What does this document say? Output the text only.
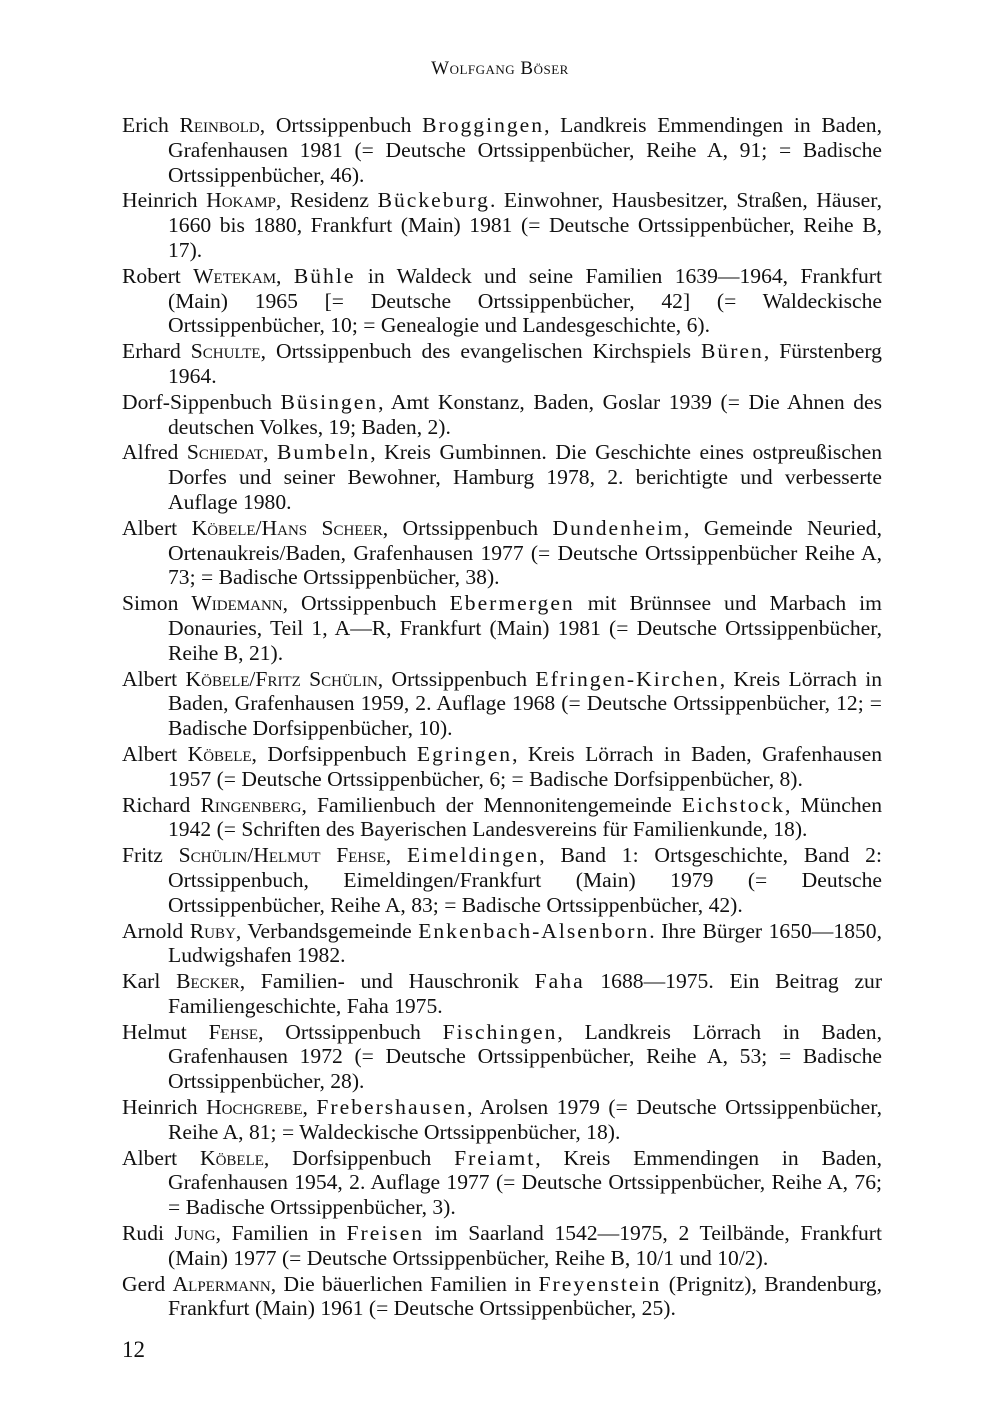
Wolfgang Böser

Erich Reinbold, Ortssippenbuch Broggingen, Landkreis Emmendingen in Baden, Grafenhausen 1981 (= Deutsche Ortssippenbücher, Reihe A, 91; = Badische Ortssippenbücher, 46).

Heinrich Hokamp, Residenz Bückeburg. Einwohner, Hausbesitzer, Straßen, Häuser, 1660 bis 1880, Frankfurt (Main) 1981 (= Deutsche Ortssippenbücher, Reihe B, 17).

Robert Wetekam, Bühle in Waldeck und seine Familien 1639—1964, Frankfurt (Main) 1965 [= Deutsche Ortssippenbücher, 42] (= Waldeckische Ortssippenbücher, 10; = Genealogie und Landesgeschichte, 6).

Erhard Schulte, Ortssippenbuch des evangelischen Kirchspiels Büren, Fürstenberg 1964.

Dorf-Sippenbuch Büsingen, Amt Konstanz, Baden, Goslar 1939 (= Die Ahnen des deutschen Volkes, 19; Baden, 2).

Alfred Schiedat, Bumbeln, Kreis Gumbinnen. Die Geschichte eines ostpreußischen Dorfes und seiner Bewohner, Hamburg 1978, 2. berichtigte und verbesserte Auflage 1980.

Albert Köbele/Hans Scheer, Ortssippenbuch Dundenheim, Gemeinde Neuried, Ortenaukreis/Baden, Grafenhausen 1977 (= Deutsche Ortssippenbücher Reihe A, 73; = Badische Ortssippenbücher, 38).

Simon Widemann, Ortssippenbuch Ebermergen mit Brünnsee und Marbach im Donauries, Teil 1, A—R, Frankfurt (Main) 1981 (= Deutsche Ortssippenbücher, Reihe B, 21).

Albert Köbele/Fritz Schülin, Ortssippenbuch Efringen-Kirchen, Kreis Lörrach in Baden, Grafenhausen 1959, 2. Auflage 1968 (= Deutsche Ortssippenbücher, 12; = Badische Dorfsippenbücher, 10).

Albert Köbele, Dorfsippenbuch Egringen, Kreis Lörrach in Baden, Grafenhausen 1957 (= Deutsche Ortssippenbücher, 6; = Badische Dorfsippenbücher, 8).

Richard Ringenberg, Familienbuch der Mennonitengemeinde Eichstock, München 1942 (= Schriften des Bayerischen Landesvereins für Familienkunde, 18).

Fritz Schülin/Helmut Fehse, Eimeldingen, Band 1: Ortsgeschichte, Band 2: Ortssippenbuch, Eimeldingen/Frankfurt (Main) 1979 (= Deutsche Ortssippenbücher, Reihe A, 83; = Badische Ortssippenbücher, 42).

Arnold Ruby, Verbandsgemeinde Enkenbach-Alsenborn. Ihre Bürger 1650—1850, Ludwigshafen 1982.

Karl Becker, Familien- und Hauschronik Faha 1688—1975. Ein Beitrag zur Familiengeschichte, Faha 1975.

Helmut Fehse, Ortssippenbuch Fischingen, Landkreis Lörrach in Baden, Grafenhausen 1972 (= Deutsche Ortssippenbücher, Reihe A, 53; = Badische Ortssippenbücher, 28).

Heinrich Hochgrebe, Frebershausen, Arolsen 1979 (= Deutsche Ortssippenbücher, Reihe A, 81; = Waldeckische Ortssippenbücher, 18).

Albert Köbele, Dorfsippenbuch Freiamt, Kreis Emmendingen in Baden, Grafenhausen 1954, 2. Auflage 1977 (= Deutsche Ortssippenbücher, Reihe A, 76; = Badische Ortssippenbücher, 3).

Rudi Jung, Familien in Freisen im Saarland 1542—1975, 2 Teilbände, Frankfurt (Main) 1977 (= Deutsche Ortssippenbücher, Reihe B, 10/1 und 10/2).

Gerd Alpermann, Die bäuerlichen Familien in Freyenstein (Prignitz), Brandenburg, Frankfurt (Main) 1961 (= Deutsche Ortssippenbücher, 25).

12
